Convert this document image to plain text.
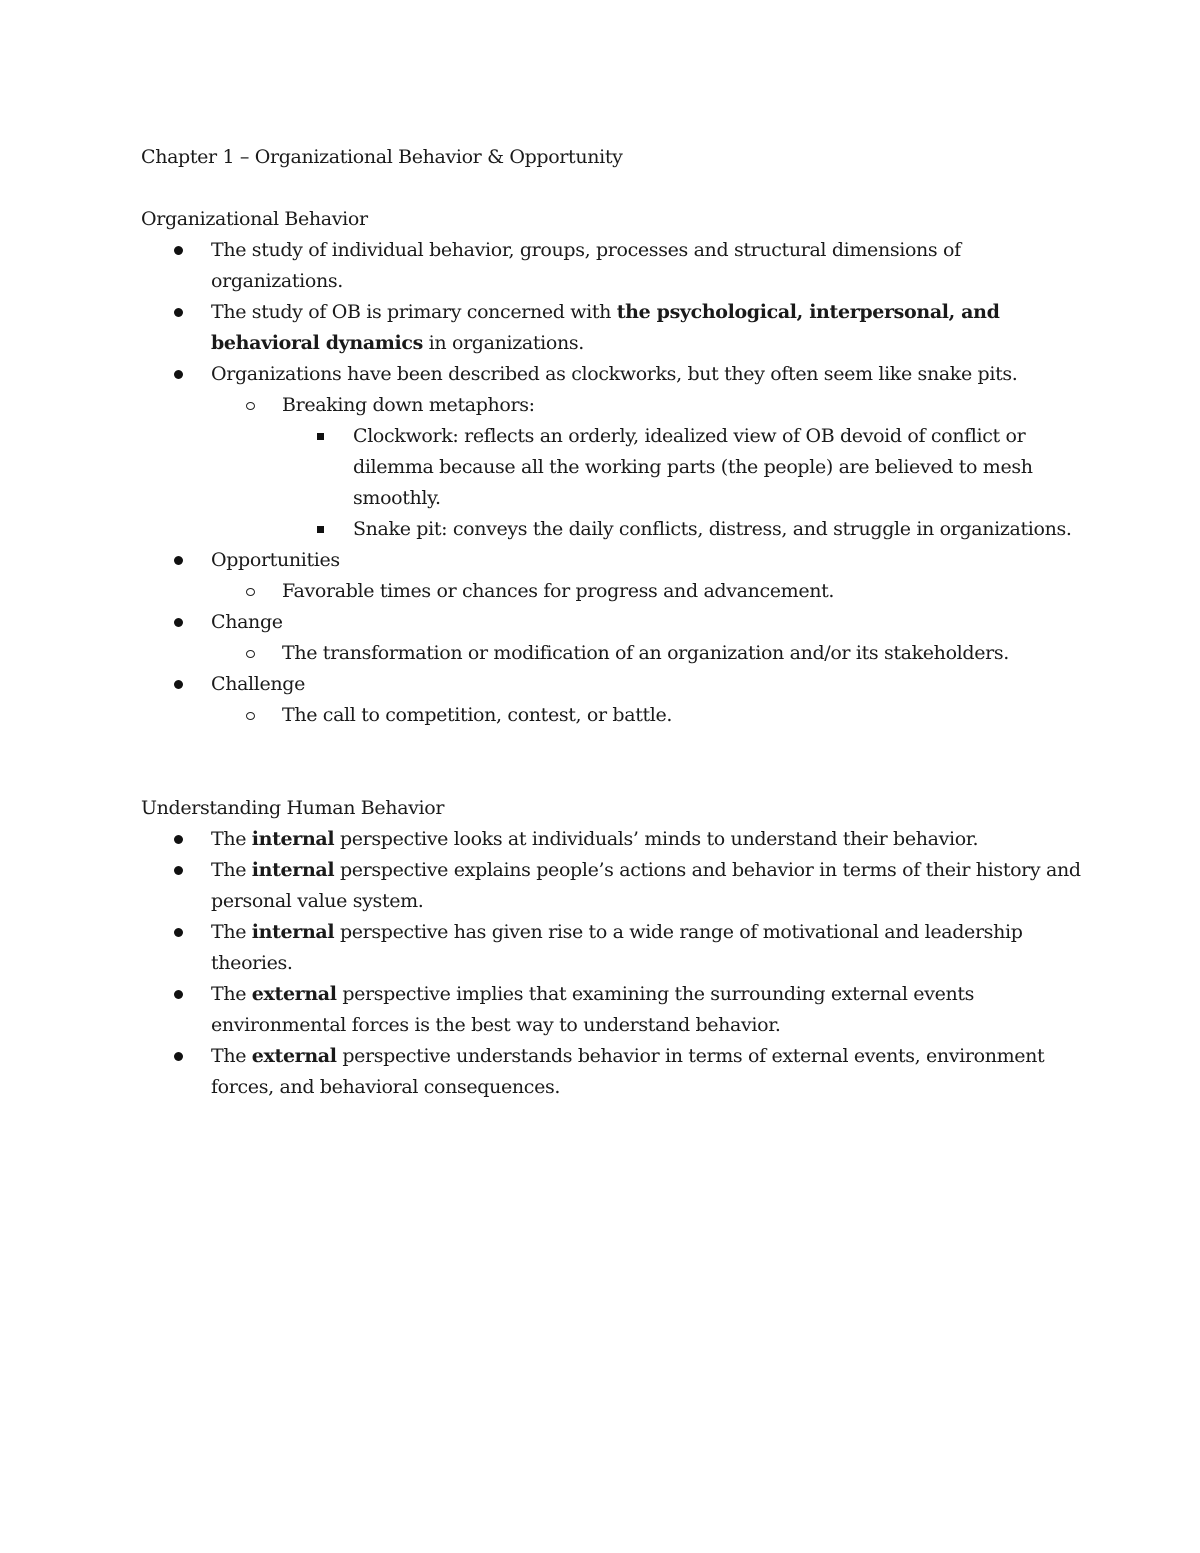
Chapter 1 – Organizational Behavior & Opportunity

Organizational Behavior

The study of individual behavior, groups, processes and structural dimensions of organizations.
The study of OB is primary concerned with the psychological, interpersonal, and behavioral dynamics in organizations.
Organizations have been described as clockworks, but they often seem like snake pits.
Breaking down metaphors:
Clockwork: reflects an orderly, idealized view of OB devoid of conflict or dilemma because all the working parts (the people) are believed to mesh smoothly.
Snake pit: conveys the daily conflicts, distress, and struggle in organizations.
Opportunities
Favorable times or chances for progress and advancement.
Change
The transformation or modification of an organization and/or its stakeholders.
Challenge
The call to competition, contest, or battle.

Understanding Human Behavior

The internal perspective looks at individuals’ minds to understand their behavior.
The internal perspective explains people’s actions and behavior in terms of their history and personal value system.
The internal perspective has given rise to a wide range of motivational and leadership theories.
The external perspective implies that examining the surrounding external events environmental forces is the best way to understand behavior.
The external perspective understands behavior in terms of external events, environment forces, and behavioral consequences.
